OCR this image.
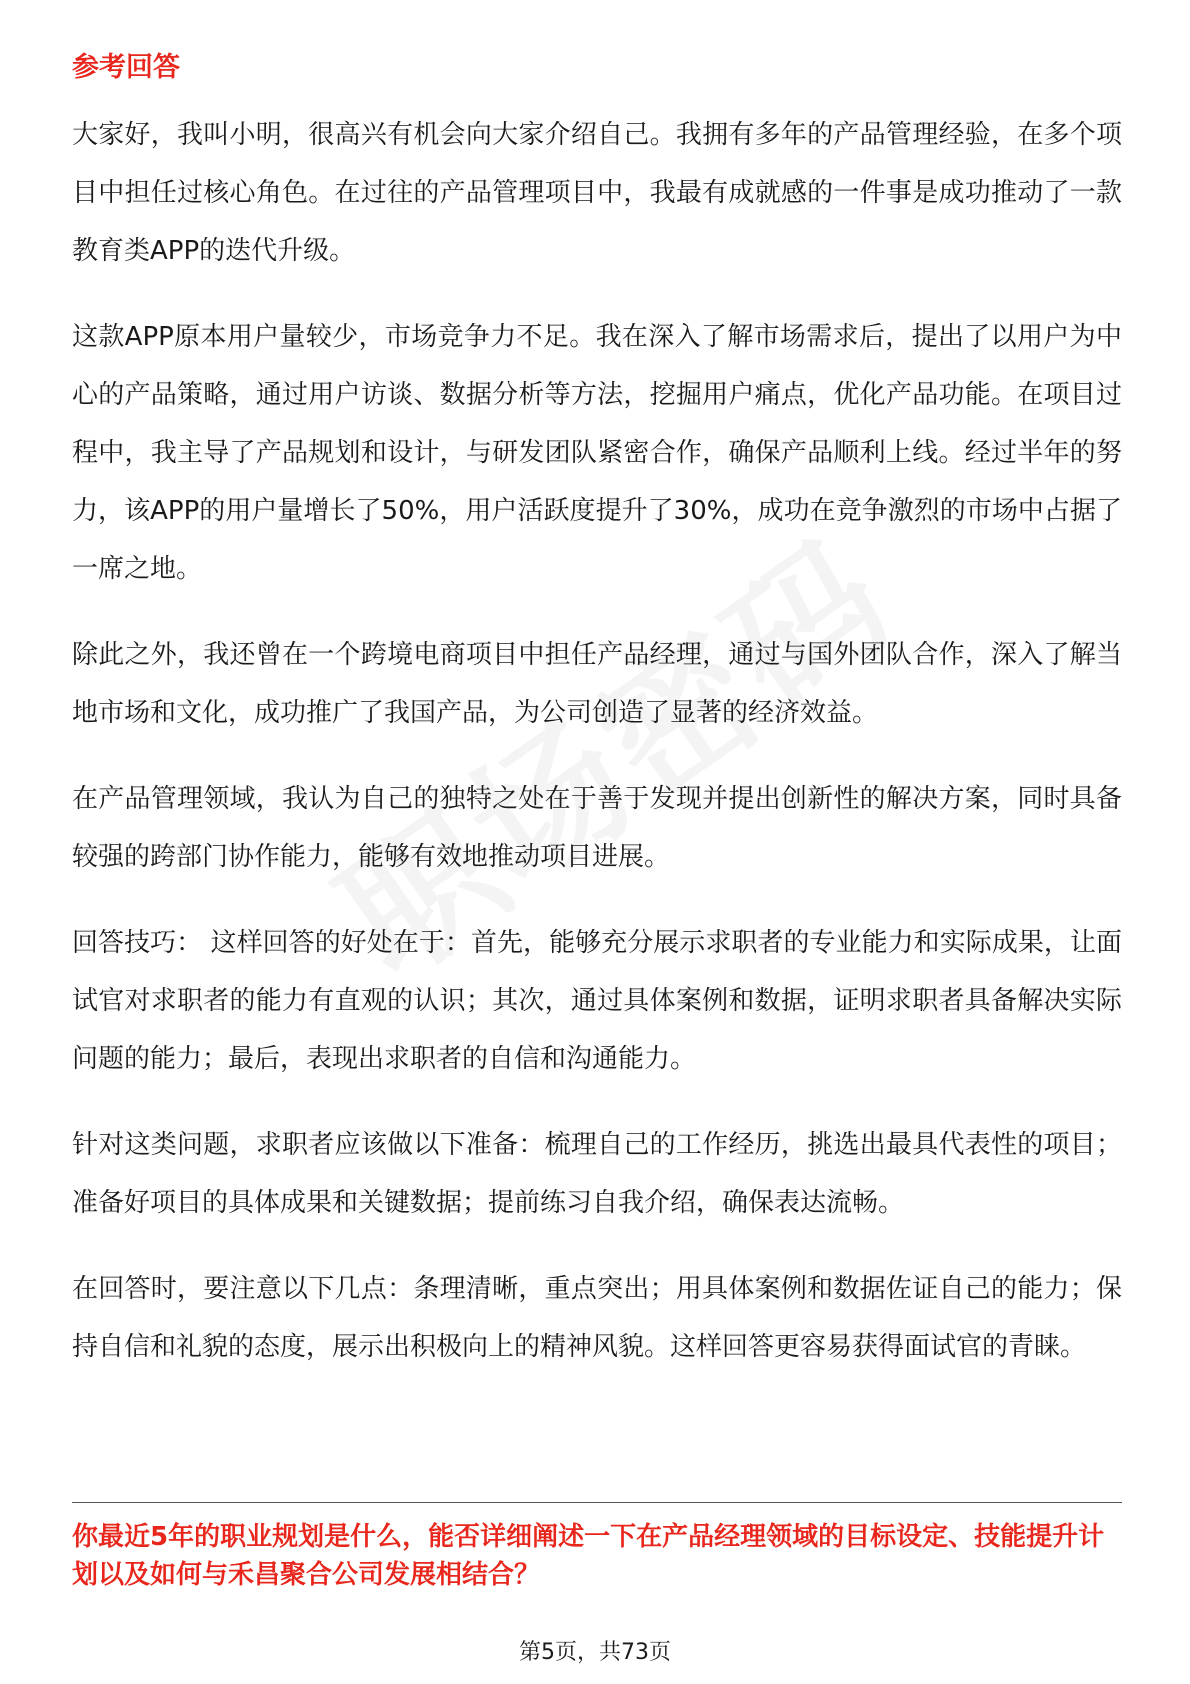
参考回答

大家好，我叫小明，很高兴有机会向大家介绍自己。我拥有多年的产品管理经验，在多个项目中担任过核心角色。在过往的产品管理项目中，我最有成就感的一件事是成功推动了一款教育类APP的迭代升级。

这款APP原本用户量较少，市场竞争力不足。我在深入了解市场需求后，提出了以用户为中心的产品策略，通过用户访谈、数据分析等方法，挖掘用户痛点，优化产品功能。在项目过程中，我主导了产品规划和设计，与研发团队紧密合作，确保产品顺利上线。经过半年的努力，该APP的用户量增长了50%，用户活跃度提升了30%，成功在竞争激烈的市场中占据了一席之地。

除此之外，我还曾在一个跨境电商项目中担任产品经理，通过与国外团队合作，深入了解当地市场和文化，成功推广了我国产品，为公司创造了显著的经济效益。

在产品管理领域，我认为自己的独特之处在于善于发现并提出创新性的解决方案，同时具备较强的跨部门协作能力，能够有效地推动项目进展。

回答技巧： 这样回答的好处在于：首先，能够充分展示求职者的专业能力和实际成果，让面试官对求职者的能力有直观的认识；其次，通过具体案例和数据，证明求职者具备解决实际问题的能力；最后，表现出求职者的自信和沟通能力。

针对这类问题，求职者应该做以下准备：梳理自己的工作经历，挑选出最具代表性的项目；准备好项目的具体成果和关键数据；提前练习自我介绍，确保表达流畅。

在回答时，要注意以下几点：条理清晰，重点突出；用具体案例和数据佐证自己的能力；保持自信和礼貌的态度，展示出积极向上的精神风貌。这样回答更容易获得面试官的青睐。

你最近5年的职业规划是什么，能否详细阐述一下在产品经理领域的目标设定、技能提升计划以及如何与禾昌聚合公司发展相结合？

第5页，共73页
